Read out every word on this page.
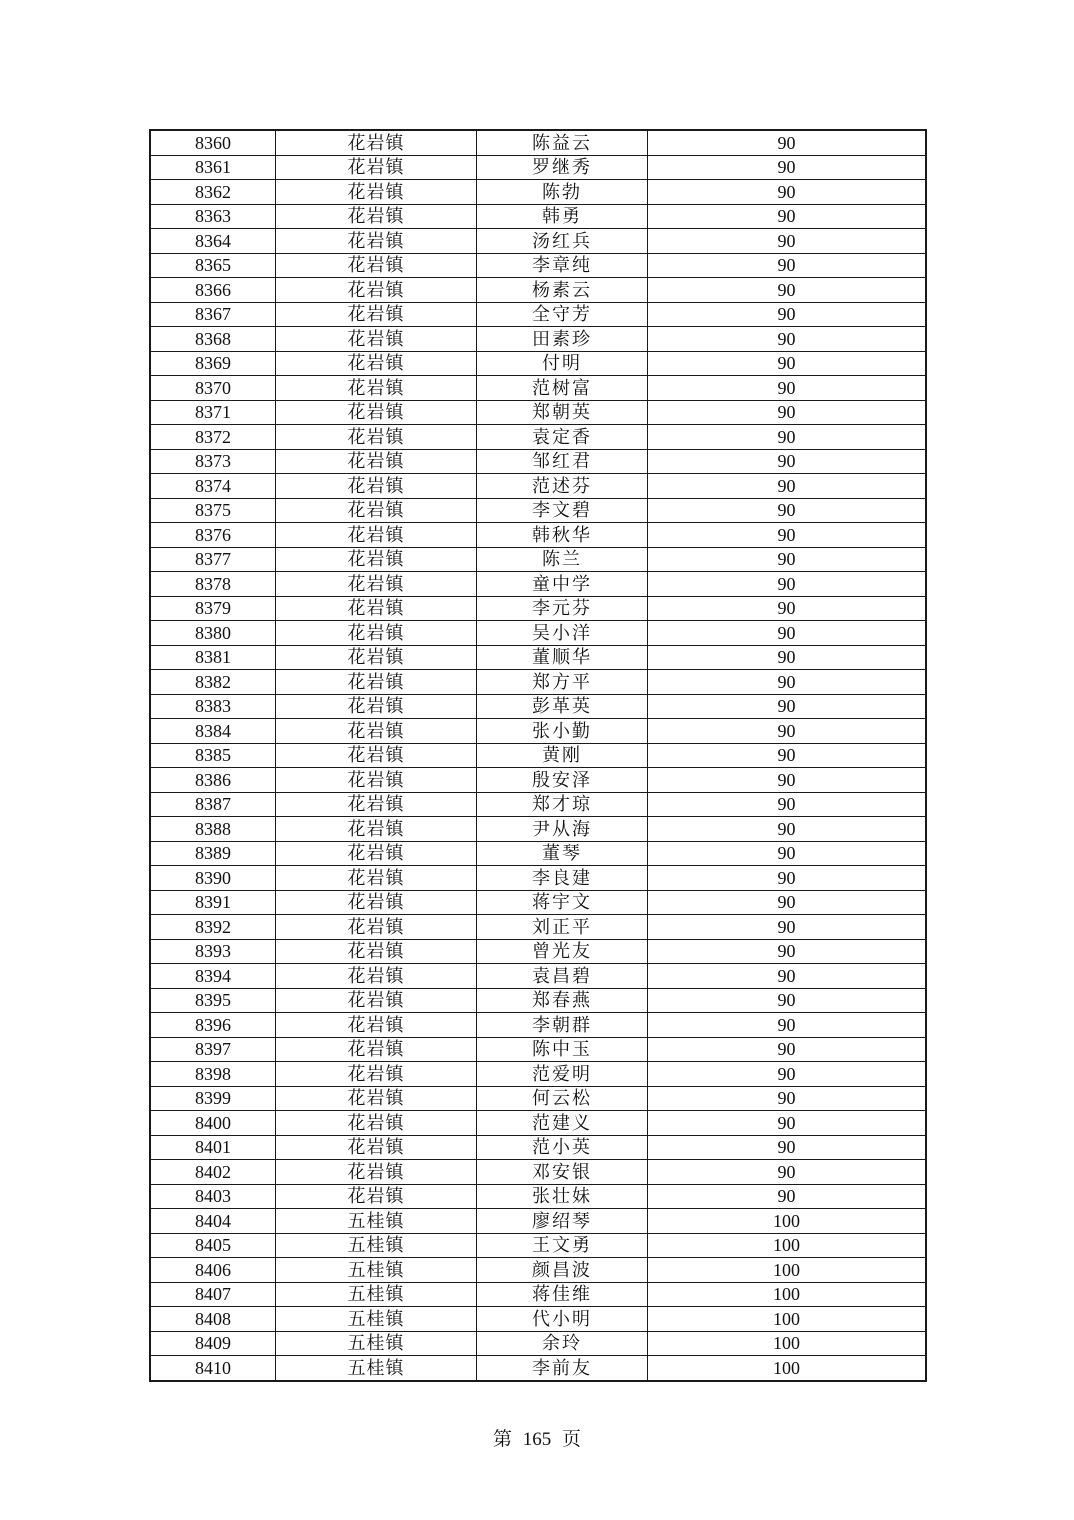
8360	花岩镇	陈益云	90
8361	花岩镇	罗继秀	90
8362	花岩镇	陈勃	90
8363	花岩镇	韩勇	90
8364	花岩镇	汤红兵	90
8365	花岩镇	李章纯	90
8366	花岩镇	杨素云	90
8367	花岩镇	全守芳	90
8368	花岩镇	田素珍	90
8369	花岩镇	付明	90
8370	花岩镇	范树富	90
8371	花岩镇	郑朝英	90
8372	花岩镇	袁定香	90
8373	花岩镇	邹红君	90
8374	花岩镇	范述芬	90
8375	花岩镇	李文碧	90
8376	花岩镇	韩秋华	90
8377	花岩镇	陈兰	90
8378	花岩镇	童中学	90
8379	花岩镇	李元芬	90
8380	花岩镇	吴小洋	90
8381	花岩镇	董顺华	90
8382	花岩镇	郑方平	90
8383	花岩镇	彭革英	90
8384	花岩镇	张小勤	90
8385	花岩镇	黄刚	90
8386	花岩镇	殷安泽	90
8387	花岩镇	郑才琼	90
8388	花岩镇	尹从海	90
8389	花岩镇	董琴	90
8390	花岩镇	李良建	90
8391	花岩镇	蒋宇文	90
8392	花岩镇	刘正平	90
8393	花岩镇	曾光友	90
8394	花岩镇	袁昌碧	90
8395	花岩镇	郑春燕	90
8396	花岩镇	李朝群	90
8397	花岩镇	陈中玉	90
8398	花岩镇	范爱明	90
8399	花岩镇	何云松	90
8400	花岩镇	范建义	90
8401	花岩镇	范小英	90
8402	花岩镇	邓安银	90
8403	花岩镇	张壮妹	90
8404	五桂镇	廖绍琴	100
8405	五桂镇	王文勇	100
8406	五桂镇	颜昌波	100
8407	五桂镇	蒋佳维	100
8408	五桂镇	代小明	100
8409	五桂镇	余玲	100
8410	五桂镇	李前友	100
第 165 页
